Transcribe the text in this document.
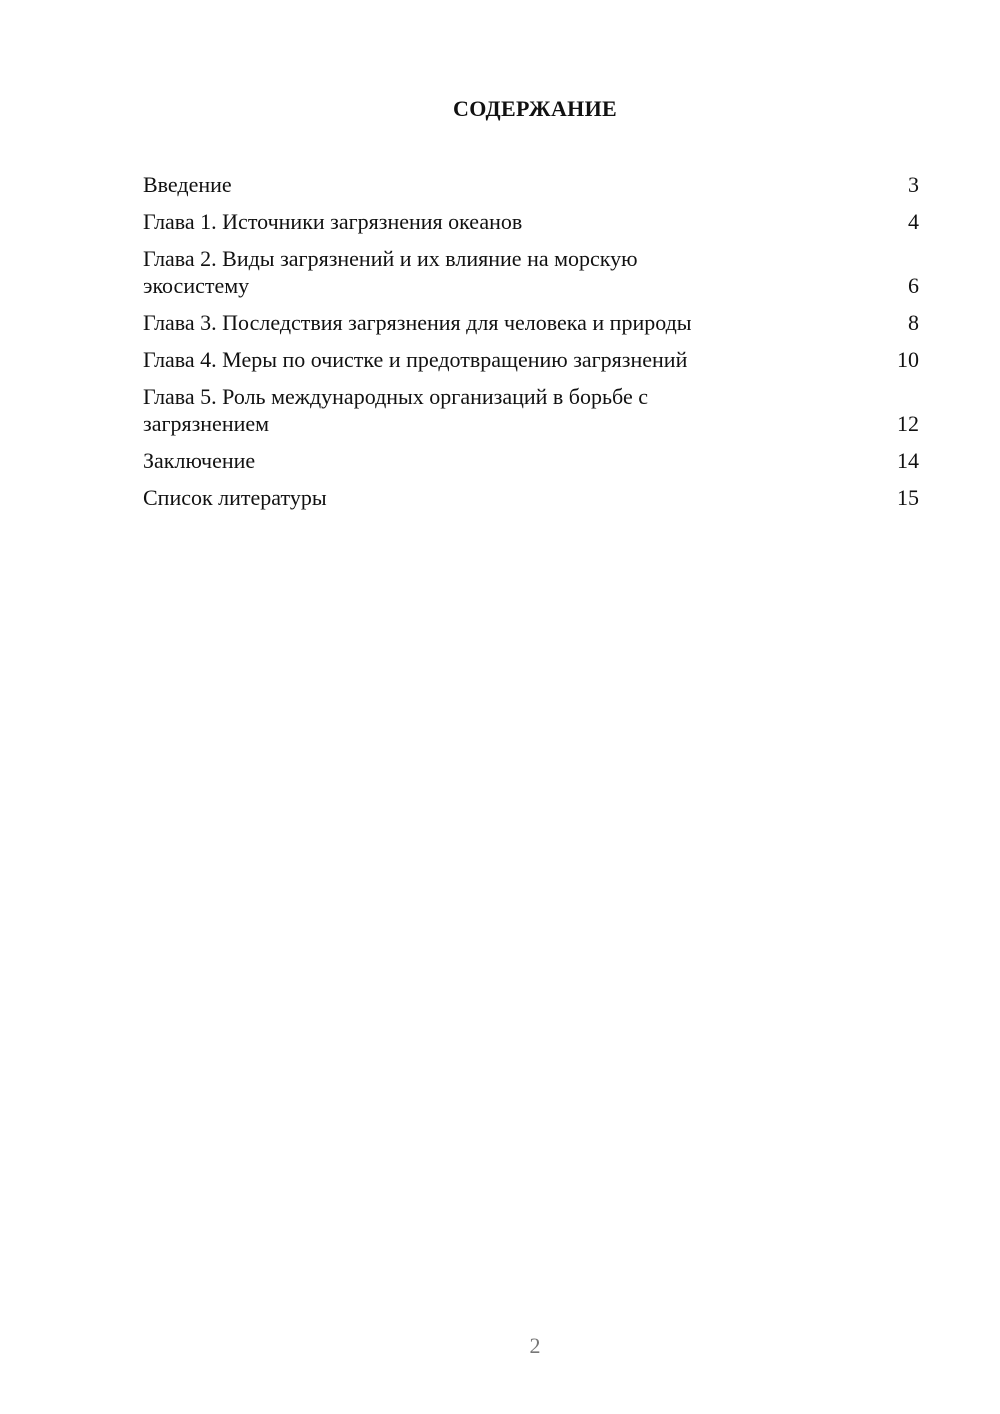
СОДЕРЖАНИЕ
Введение	3
Глава 1. Источники загрязнения океанов	4
Глава 2. Виды загрязнений и их влияние на морскую экосистему	6
Глава 3. Последствия загрязнения для человека и природы	8
Глава 4. Меры по очистке и предотвращению загрязнений	10
Глава 5. Роль международных организаций в борьбе с загрязнением	12
Заключение	14
Список литературы	15
2
